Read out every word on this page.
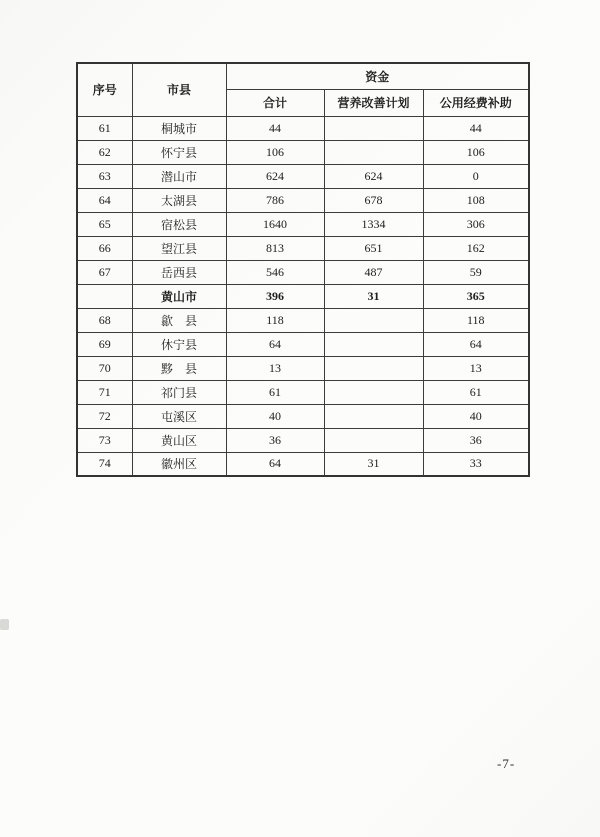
序号	市县	资金		
		合计	营养改善计划	公用经费补助
61	桐城市	44		44
62	怀宁县	106		106
63	潜山市	624	624	0
64	太湖县	786	678	108
65	宿松县	1640	1334	306
66	望江县	813	651	162
67	岳西县	546	487	59
	黄山市	396	31	365
68	歙　县	118		118
69	休宁县	64		64
70	黟　县	13		13
71	祁门县	61		61
72	屯溪区	40		40
73	黄山区	36		36
74	徽州区	64	31	33
-7-
